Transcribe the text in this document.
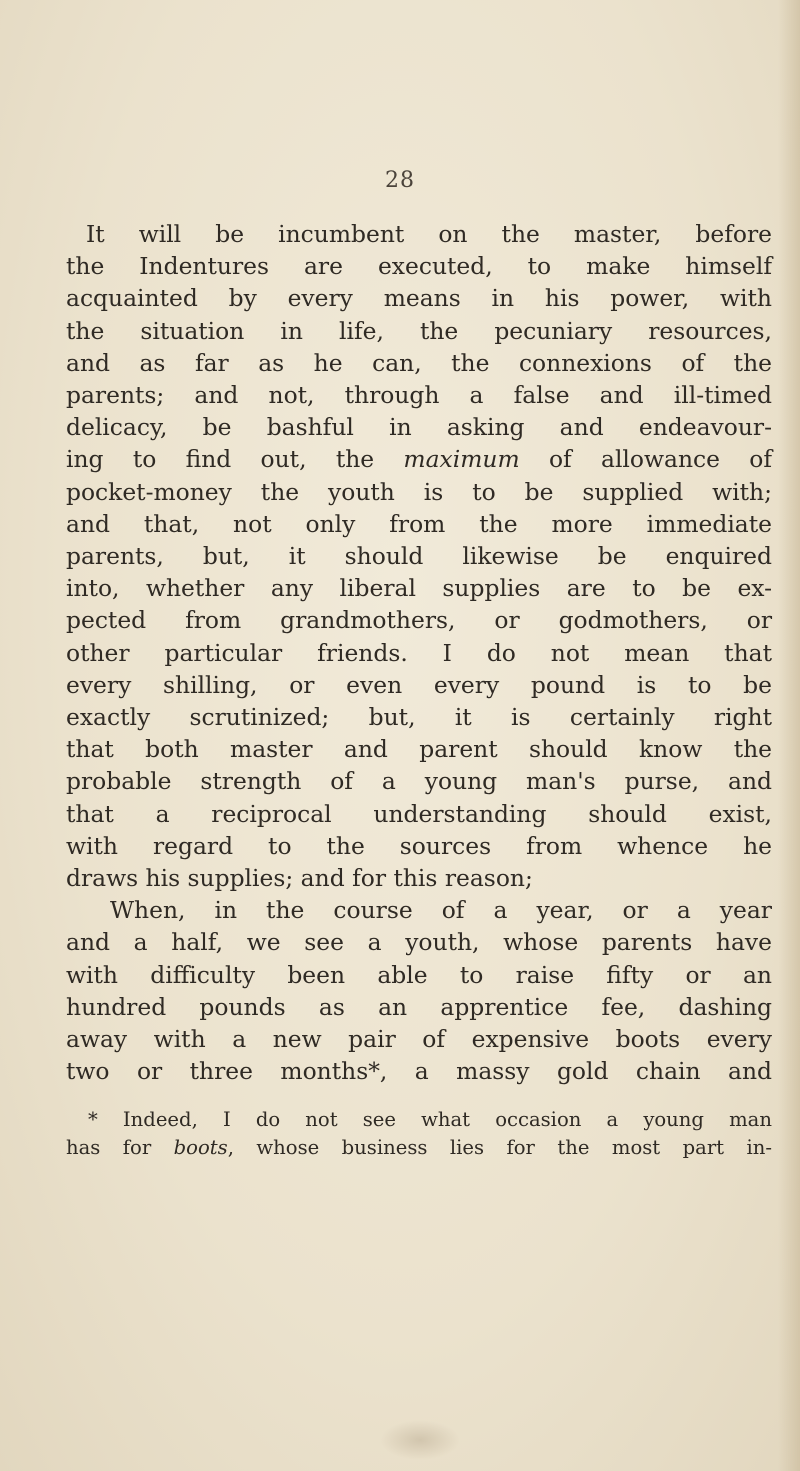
28
It will be incumbent on the master, before
the Indentures are executed, to make himself
acquainted by every means in his power, with
the situation in life, the pecuniary resources,
and as far as he can, the connexions of the
parents; and not, through a false and ill-timed
delicacy, be bashful in asking and endeavour-
ing to find out, the maximum of allowance of
pocket-money the youth is to be supplied with;
and that, not only from the more immediate
parents, but, it should likewise be enquired
into, whether any liberal supplies are to be ex-
pected from grandmothers, or godmothers, or
other particular friends. I do not mean that
every shilling, or even every pound is to be
exactly scrutinized; but, it is certainly right
that both master and parent should know the
probable strength of a young man's purse, and
that a reciprocal understanding should exist,
with regard to the sources from whence he
draws his supplies; and for this reason;
When, in the course of a year, or a year
and a half, we see a youth, whose parents have
with difficulty been able to raise fifty or an
hundred pounds as an apprentice fee, dashing
away with a new pair of expensive boots every
two or three months*, a massy gold chain and
* Indeed, I do not see what occasion a young man
has for boots, whose business lies for the most part in-
